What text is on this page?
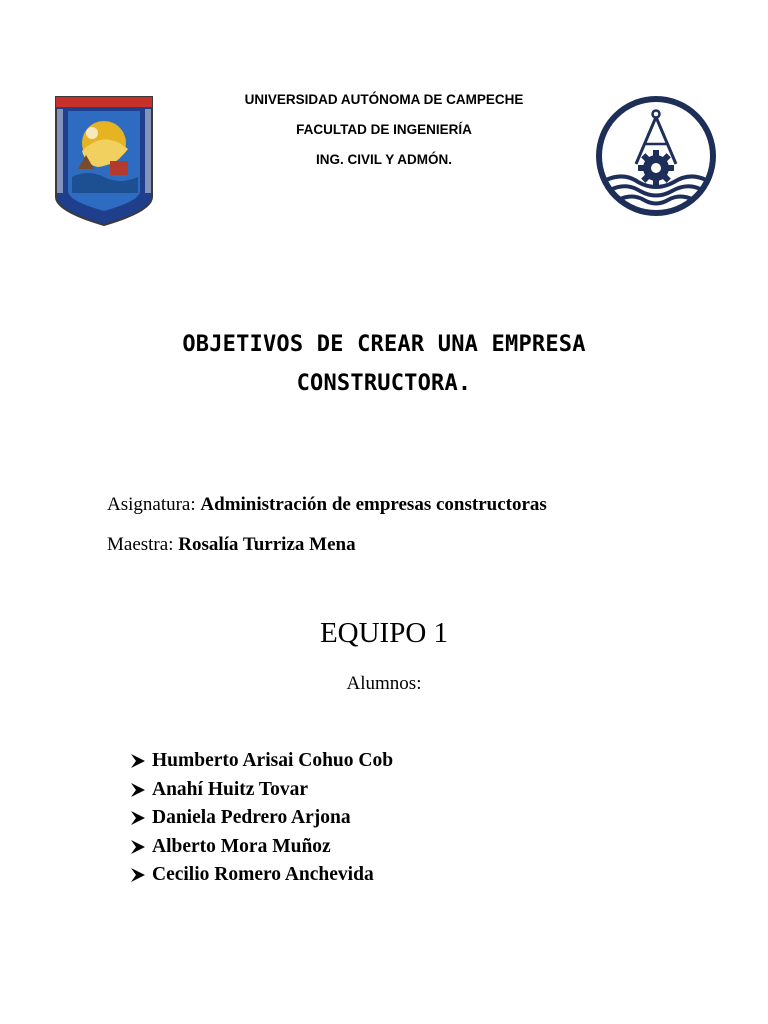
UNIVERSIDAD AUTÓNOMA DE CAMPECHE
FACULTAD DE INGENIERÍA
ING. CIVIL Y ADMÓN.
OBJETIVOS DE CREAR UNA EMPRESA
CONSTRUCTORA.
Asignatura: Administración de empresas constructoras
Maestra: Rosalía Turriza Mena
EQUIPO 1
Alumnos:
Humberto Arisai Cohuo Cob
Anahí Huitz Tovar
Daniela Pedrero Arjona
Alberto Mora Muñoz
Cecilio Romero Anchevida
